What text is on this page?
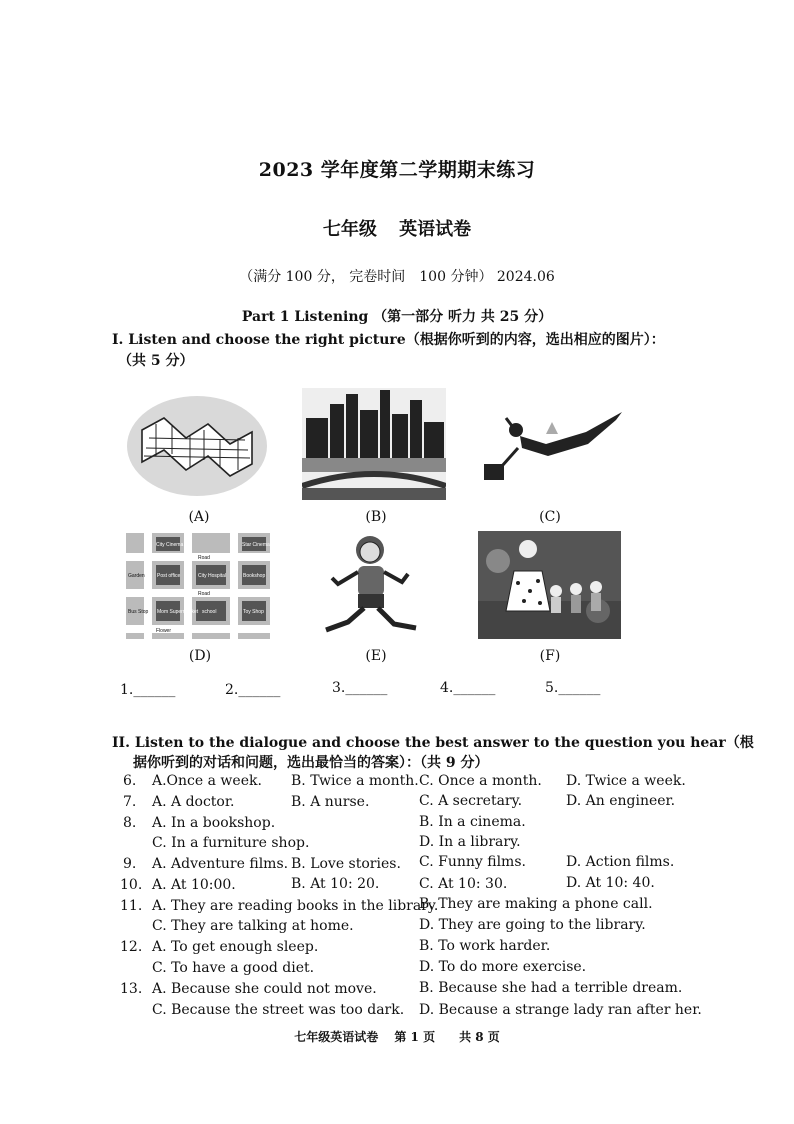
2023 学年度第二学期期末练习
七年级 英语试卷
（满分 100 分， 完卷时间　100 分钟） 2024.06
Part 1 Listening （第一部分 听力 共 25 分）
I. Listen and choose the right picture（根据你听到的内容，选出相应的图片）：
（共 5 分）
City Cinema	Star Cinema
Road
Post office	City Hospital	Bookshop
Mom Supermarket school	Toy Shop
Flower
Road
Garden
Bus Stop
(A)	(B)	(C)
(D)	(E)	(F)
1.______	2.______	3.______	4.______	5.______
II. Listen to the dialogue and choose the best answer to the question you hear（根
据你听到的对话和问题，选出最恰当的答案）：（共 9 分）
6. A.Once a week. B. Twice a month. C. Once a month. D. Twice a week.
7. A. A doctor.	B. A nurse.	C. A secretary.	D. An engineer.
8. A. In a bookshop.	B. In a cinema.
C. In a furniture shop.	D. In a library.
9. A. Adventure films. B. Love stories. C. Funny films.	D. Action films.
10. A. At 10:00.	B. At 10: 20.	C. At 10: 30.	D. At 10: 40.
11. A. They are reading books in the library.
B. They are making a phone call.
C. They are talking at home.	D. They are going to the library.
12. A. To get enough sleep.	B. To work harder.
C. To have a good diet.	D. To do more exercise.
13. A. Because she could not move.	B. Because she had a terrible dream.
C. Because the street was too dark. D. Because a strange lady ran after her.
七年级英语试卷　 第 1 页　　共 8 页
